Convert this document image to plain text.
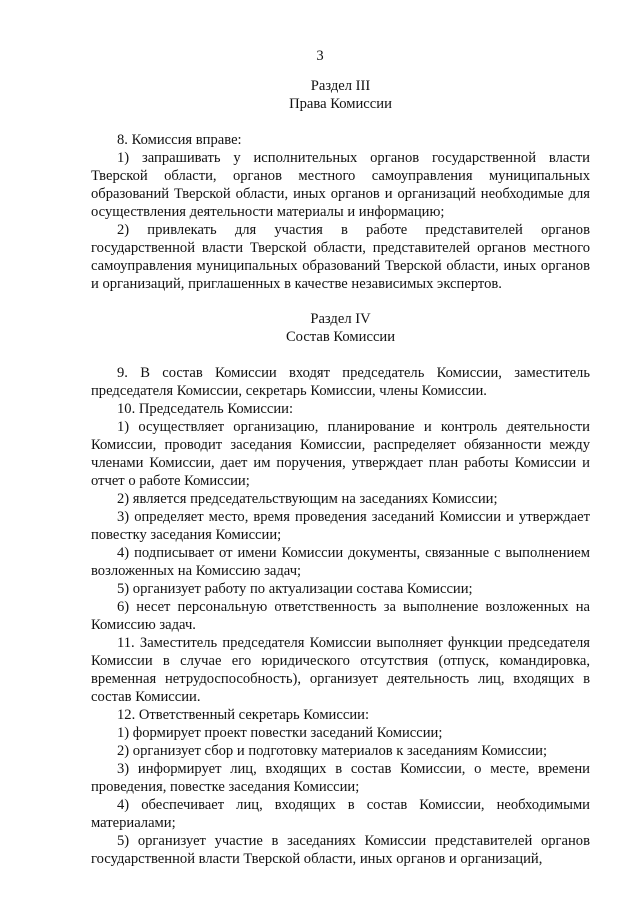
3
Раздел III
Права Комиссии

8. Комиссия вправе:

1) запрашивать у исполнительных органов государственной власти Тверской области, органов местного самоуправления муниципальных образований Тверской области, иных органов и организаций необходимые для осуществления деятельности материалы и информацию;

2) привлекать для участия в работе представителей органов государственной власти Тверской области, представителей органов местного самоуправления муниципальных образований Тверской области, иных органов и организаций, приглашенных в качестве независимых экспертов.

Раздел IV
Состав Комиссии

9. В состав Комиссии входят председатель Комиссии, заместитель председателя Комиссии, секретарь Комиссии, члены Комиссии.

10. Председатель Комиссии:

1) осуществляет организацию, планирование и контроль деятельности Комиссии, проводит заседания Комиссии, распределяет обязанности между членами Комиссии, дает им поручения, утверждает план работы Комиссии и отчет о работе Комиссии;

2) является председательствующим на заседаниях Комиссии;

3) определяет место, время проведения заседаний Комиссии и утверждает повестку заседания Комиссии;

4) подписывает от имени Комиссии документы, связанные с выполнением возложенных на Комиссию задач;

5) организует работу по актуализации состава Комиссии;

6) несет персональную ответственность за выполнение возложенных на Комиссию задач.

11. Заместитель председателя Комиссии выполняет функции председателя Комиссии в случае его юридического отсутствия (отпуск, командировка, временная нетрудоспособность), организует деятельность лиц, входящих в состав Комиссии.

12. Ответственный секретарь Комиссии:

1) формирует проект повестки заседаний Комиссии;

2) организует сбор и подготовку материалов к заседаниям Комиссии;

3) информирует лиц, входящих в состав Комиссии, о месте, времени проведения, повестке заседания Комиссии;

4) обеспечивает лиц, входящих в состав Комиссии, необходимыми материалами;

5) организует участие в заседаниях Комиссии представителей органов государственной власти Тверской области, иных органов и организаций,
